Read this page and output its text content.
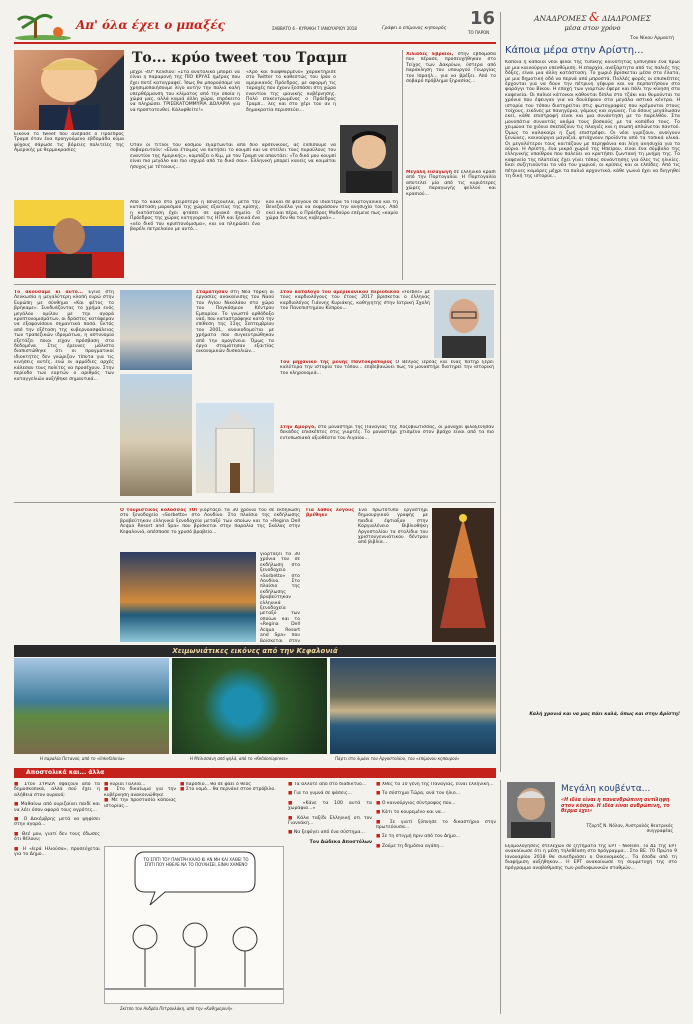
Απ' όλα έχει ο μπαξές	ΣΑΒΒΑΤΟ 6 - ΚΥΡΙΑΚΗ 7 ΙΑΝΟΥΑΡΙΟΥ 2018	Γράφει ο επίμονος κηπουρός 16
ΤΟ ΠΑΡΟΝ
Το... κρύο tweet του Τραμπ
Εικόνα το tweet που ανέβασε ο Πρόεδρος Τραμπ όταν ένα προηγούμενο εβδομάδα κύμα ψύχους σάρωσε τις βόρειες πολιτείες της Αμερικής με θερμοκρασίες
μέχρι -40° Κελσίου: «Στα ανατολικά μπορεί να είναι η παραμονή της ΠΙΟ ΚΡΥΑΣ ημέρας που έχει ποτέ καταγραφεί. Ίσως θα μπορούσαμε να χρησιμοποιήσουμε λίγο αυτήν την παλιά καλή υπερθέρμανση του κλίματος από την οποία η χώρα μας, αλλά καμιά άλλη χώρα, επρόκειτο να πληρώσει ΤΡΙΣΕΚΑΤΟΜΜΥΡΙΑ ΔΟΛΑΡΙΑ για να προστατευθεί. Κάλυφθείτε!»
«Χρό και διαφθαρμένο» χαρακτήρισε στο Twitter το καθεστώς του Ιράν ο αμερικανός Πρόεδρος, με αφορμή τις ταραχές που έχουν ξεσπάσει στη χώρα εναντίον της ιρανικής κυβέρνησης. Πολύ επικεντρωμένος ο Πρόεδρος Τραμπ... λες και στο χέρι του αν η δημοκρατία περισσεύει...
Όταν οι τίτλοι του κόσμου εξαρτώνται από δύο αρσενικούς, ας ελπίσουμε να σοβαρευτούν: «Είναι έτοιμος να πατήσει το κουμπί και να στείλει τους πυραύλους του εναντίον της Αμερικής», κομπάζει ο Κιμ, με τον Τραμπ να απαντάει: «Το δικό μου κουμπί είναι πιο μεγάλο και πιο ισχυρό από το δικό σου». Ελληνική μπορεί κανείς να κοιμάται ήσυχος με τέτοιους...
Από το κακό στο χειρότερο η Βενεζουέλα, μετά την κατάσταση μαρασμού της χώρας εξαιτίας της κρίσης, η κατάσταση έχει φτάσει σε οριακό σημείο. Ο Πρόεδρος της χώρας κατηγορεί τις ΗΠΑ και ξεκινά ένα «νέο δικό του κρυπτονόμισμα», και να πληρώσει ένα βαρέλι πετρελαίου με αυτό...
κού και σε φεύγουν σε ιδιαίτερα το Πορτογαλικό και τη Βενεζουέλα για να εκφράσουν την ανησυχία τους. Από εκεί και πέρα, ο Πρόεδρος Μαδούρο επέμενε πως «καμία χώρα δεν θα τους κυβερνά»...
Χιλιάδες Εβραίοι, στην εβδομάδα που πέρασε, προσευχήθηκαν στο Τείχος των Δακρύων, ύστερα από παράκληση του υπουργού Γεωργίας του Ισραήλ... για να βρέξει. Από το σοβαρό πρόβλημα ξηρασίας...
Μεγάλη εισαγωγή σε ελληνικό κρασί από την Πορτογαλία. Η Πορτογαλία αποτελεί μία από τις κυριότερες χώρες παραγωγής φελλού και κρασιού...
Το ακούσαμε κι αυτό... Έγινε στη Λευκωσία η μεγαλύτερη κλοπή ευρώ στην Ευρώπη με σύνθημα «Και φέτος το βρήκαμε». Συνδυάζοντας το χρήμα ενός μεγάλου ομίλου με την αγορά κρυπτονομισμάτων, οι δράστες κατάφεραν να εξαφανίσουν σημαντικά ποσά. Εκτός από την εξέταση της κυβερνοασφάλειας των τραπεζικών ιδρυμάτων, η αστυνομία εξετάζει ποιοι είχαν πρόσβαση στα δεδομένα. Στις έρευνες μάλιστα διαπιστώθηκε ότι οι πραγματικοί ιδιοκτήτες δεν γνώριζαν τίποτα για τις κινήσεις αυτές, ενώ οι αρμόδιες αρχές κάλεσαν τους πολίτες να προσέχουν. Στην περίοδο των εορτών ο αριθμός των καταγγελιών αυξήθηκε σημαντικά...
Σταμάτησαν στη Νέα Υόρκη οι εργασίες ανακαίνισης του Ναού του Αγίου Νικολάου στο χώρο του Παγκόσμιου Κέντρου Εμπορίου. Το γνωστό ορθόδοξο ναό, που καταστράφηκε κατά την επίθεση της 11ης Σεπτεμβρίου του 2001, ανοικοδομείται με χρήματα που συγκεντρώθηκαν από την ομογένεια. Όμως τα έργα σταμάτησαν εξαιτίας οικονομικών δυσκολιών...
Στον κατάλογο του αμερικανικού περιοδικού «Forbes» με τους καρδιολόγους του έτους 2017 βρίσκεται ο έλληνας καρδιολόγος Γιάννης Κυριάκης, καθηγητής στην Ιατρική Σχολή του Πανεπιστημίου Κύπρου...
Τον μηχανικό της μονής Παντοκράτορος Ο Βέλγος ιερέας και ένας πατήρ ξέρει καλύτερα την ιστορία του τόπου... επιβεβαιώνει πως το μοναστήρι διατηρεί την ιστορική του κληρονομιά...
Στην Αμοργό, στο μοναστήρι της Παναγίας της Χοζοβιώτισσας, οι μοναχοί φιλοξένησαν δεκάδες επισκέπτες στις γιορτές. Το μοναστήρι χτισμένο στον βράχο είναι από τα πιο εντυπωσιακά αξιοθέατα του Αιγαίου...
Ο τουριστικός κολοσσός TUI γιορτάζει τα 30 χρόνια του σε εκδήλωση στο ξενοδοχείο «Sorbetto» στο Λονδίνο. Στο πλαίσιο της εκδήλωσης βραβεύτηκαν ελληνικά ξενοδοχεία μεταξύ των οποίων και το «Regina Dell Acqua Resort and Spa» που βρίσκεται στην παραλία της Σκάλας στην Κεφαλονιά, απέσπασε το χρυσό βραβείο...
γιορτάζει τα 30 χρόνια του σε εκδήλωση στο ξενοδοχείο «Sorbetto» στο Λονδίνο. Στο πλαίσιο της εκδήλωσης βραβεύτηκαν ελληνικά ξενοδοχεία μεταξύ των οποίων και το «Regina Dell Acqua Resort and Spa» που βρίσκεται στην
Για λάθος λόγους βρέθηκε
Ένα πρωτότυπο εργαστήρι δημιουργικού γραφής με παιδιά έφτιαξαν στην Κοργιαλένειο Βιβλιοθήκη Αργοστολίου τα στολίδια του χριστουγεννιάτικου δέντρου από βιβλία...
Χειμωνιάτικες εικόνες από την Κεφαλονιά
Η παραλία Πετανού, από το «linkefalonia»	Η Μελισσάνη από ψηλά, από το «Kefaloniapress»	Πάρτι στο λιμάνι του Αργοστολίου, του «επίμονου κηπουρού»
ΑΝΑΔΡΟΜΕΣ & ΔΙΑΔΡΟΜΕΣ
μέσα στον χρόνο
Του Νίκου Αρμαντή
Κάποια μέρα στην Αρίστη...
Κάποια ή κάποιοι νέοι φίλοι της τυπικής κοινότητας ξύπνησαν ένα πρωί με μια καινούργια υπενθύμιση. Η επαρχία, ανεξάρτητα από τις παλιές της δόξες, είναι μια άλλη κατάσταση. Το χωριό βρίσκεται μέσα στα έλατα, με μια δημοτική οδό να περνά από μπροστά. Πολλές φορές οι επισκέπτες έρχονται για να δουν την πέτρινη γέφυρα και να περπατήσουν στο φαράγγι του Βίκου. Η εποχή των γιορτών έφερε και πάλι την κίνηση στα καφενεία. Οι παλιοί κάτοικοι κάθονται δίπλα στο τζάκι και θυμούνται τα χρόνια που έφευγαν για να δουλέψουν στα μεγάλα αστικά κέντρα. Η ιστορία του τόπου διατηρείται στις φωτογραφίες που κρέμονται στους τοίχους, εικόνες με πανηγύρια, γάμους και αγώνες. Για όσους μεγάλωσαν εκεί, κάθε επιστροφή είναι και μια συνάντηση με το παρελθόν. Στα μονοπάτια συναντάς ακόμα τους βοσκούς με τα κοπάδια τους. Το χειμώνα τα χιόνια σκεπάζουν τις πλαγιές και η σιωπή απλώνεται παντού. Όμως το καλοκαίρι η ζωή επιστρέφει. Οι νέοι γυρίζουν, ανοίγουν ξενώνες, καινούργια μαγαζιά, φτιάχνουν προϊόντα από τα τοπικά υλικά. Οι μεγαλύτεροι τους κοιτάζουν με περηφάνια και λίγη ανησυχία για το αύριο. Η Αρίστη, ένα μικρό χωριό της Ηπείρου, είναι ένα σύμβολο της ελληνικής υπαίθρου που παλεύει να κρατήσει ζωντανή τη μνήμη της. Το καφενείο της πλατείας έχει γίνει τόπος συνάντησης για όλες τις ηλικίες. Εκεί συζητιούνται τα νέα του χωριού, οι κρίσεις και οι ελπίδες. Από τις πέτρινες καμάρες μέχρι τα παλιά αρχοντικά, κάθε γωνιά έχει να διηγηθεί τη δική της ιστορία...
Καλή χρονιά και να μας πάει καλά, όπως και στην Αρίστη!
Αποστολικά και... άλλα
■ Στον ΣΥΡΙΖΑ σφάζουν από τα δημοσκοπικά, αλλά πού έχει η αλήθεια στον ουρανό;
■ Μαθαίνω από ουριζαίνει παιδί και να λέει όσον αφορά τους αγρότες...
■ Ο Δεκέμβρης μετά να ψηφίσει στην αγορά...
■ Θεέ μου, γιατί δεν τους έδωσες ότι θέλουν;
■ Η «Ιερά Ηλιούσα», προσεύχεται για το Δήμο...
■ κύριοι Γαλλία...
■ Στο δικαίωμα για την κυβέρνηση ανακοινώθηκε
■ Με την προστασία κάποιας ιστορίας...
■ παρόδιο... θα σε φάει ο θεός
■ Στο νομό... θα περνάνε στον στρόβιλο.
ΤΟ ΣΠΙΤΙ ΤΟΥ ΠΑΝΤΡΗ ΚΑΛΟ ΚΙ ΑΝ ΜΗ ΚΑΙ ΧΑΘΕΙ ΤΟ ΣΠΙΤΙ ΠΟΥ ΗΘΕΛΕ ΝΑ ΤΟ ΠΟΥΛΗΣΕΙ, ΕΙΝΑΙ ΧΑΜΕΝΟ
Σκίτσο του Ανδρέα Πετρουλάκη, από την «Καθημερινή»
■ Τα άλλοτε από στο διαδίκτυο...
■ Για τα γυμνά σε φάσεις...
■ «Κάνε τα 100 αυτά τα χωράφια...»
■ Κάλα ταξίδι Ελληνική οτι τον Γιαννάκη...
■ Να ξεφύγει από ένα σύστημα...
Τον Δώδεκα Αποστόλων
■ Χθες τα 10 γένη της Παναγίας, είναι ελληνική...
■ Το σύστημα Τώρα, ανά τον ήλιο...
■ Ο καινούργιος σύντροφος που...
■ Κάτι το κουρεμένο και να...
■ Σε γιατί ξύπνησε το δικαστήριο στην πρωτεύουσα...
■ Σε τη στιγμή πριν από τον Δήμο...
■ Ζούμε τη δημόσια αγάπη...
Μεγάλη κουβέντα...
«Η ιδέα είναι η πανανθρώπινη αντίληψη στον κόσμο. Η ιδέα είναι ανθρώπινη, το θέρμα έχει»
Τζορτζ Ν. Νόλαν, Αυστραλός θεατρικός συγγραφέας
Εξομολογήσεις στελεχών σε ζητήματα της ΕΡΤ - Nielsen. Το ΔΣ της ΕΡΤ ανακοίνωσε ότι η μέση τηλεθέαση στο πρόγραμμα... Στο ΒΕ. 70 Πρώτο 9 Ιανουαρίου 2018 θα συνεδριάσει ο Οικονομικός... Τα έσοδα από τη διαφήμιση αυξήθηκαν... Η ΕΡΤ ανακοίνωσε τη συμμετοχή της στο πρόγραμμα αναβάθμισης των ραδιοφωνικών σταθμών...
